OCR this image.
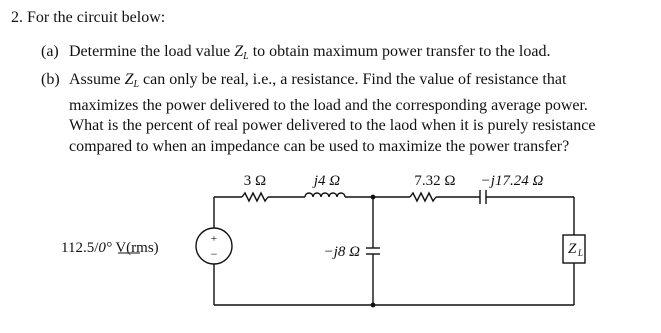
2. For the circuit below:
(a) Determine the load value $Z_L$ to obtain maximum power transfer to the load.
(b) Assume $Z_L$ can only be real, i.e., a resistance. Find the value of resistance that maximizes the power delivered to the load and the corresponding average power. What is the percent of real power delivered to the laod when it is purely resistance compared to when an impedance can be used to maximize the power transfer?
+
−
112.5/0° V(rms)
3 Ω	j4 Ω	7.32 Ω −j17.24 Ω
−j8 Ω	Z L
